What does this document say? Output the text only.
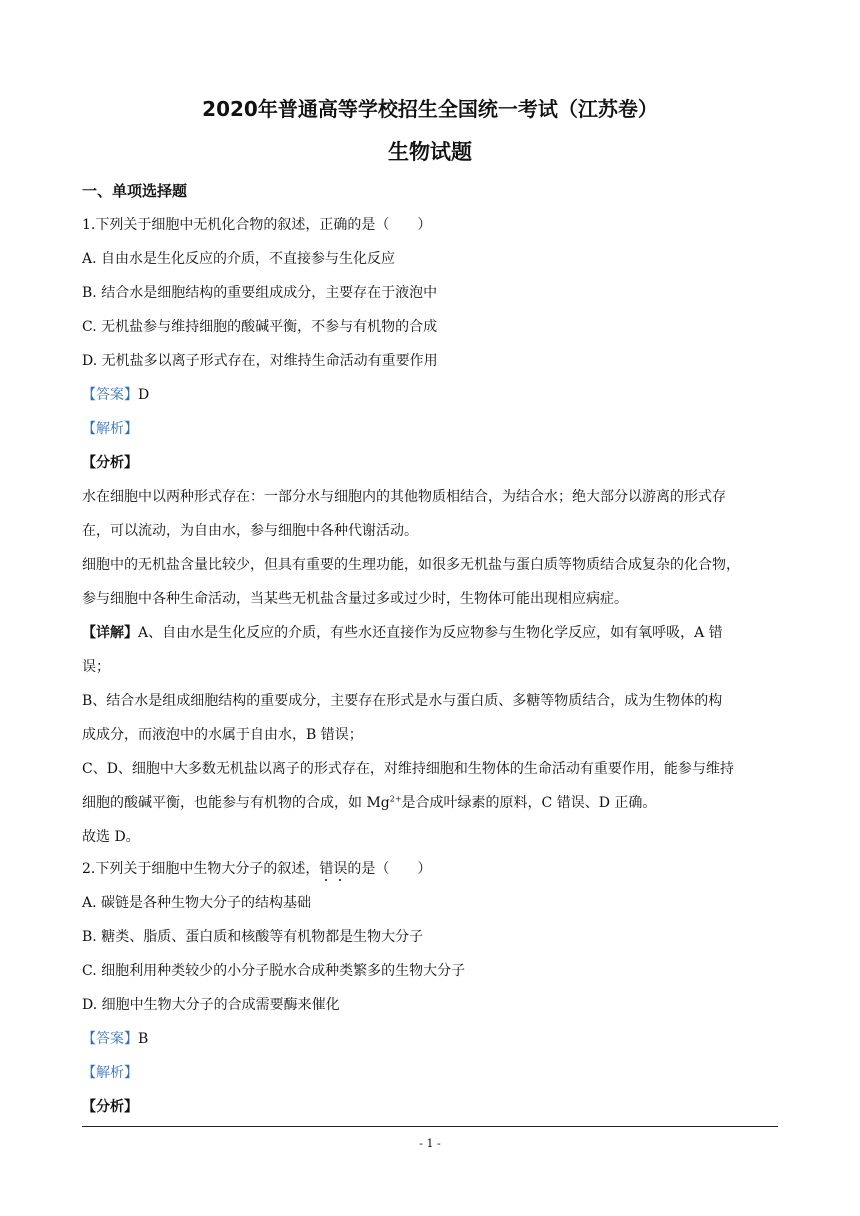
2020年普通高等学校招生全国统一考试（江苏卷）
生物试题
一、单项选择题
1.下列关于细胞中无机化合物的叙述，正确的是（　　）
A. 自由水是生化反应的介质，不直接参与生化反应
B. 结合水是细胞结构的重要组成成分，主要存在于液泡中
C. 无机盐参与维持细胞的酸碱平衡，不参与有机物的合成
D. 无机盐多以离子形式存在，对维持生命活动有重要作用
【答案】D
【解析】
【分析】
水在细胞中以两种形式存在：一部分水与细胞内的其他物质相结合，为结合水；绝大部分以游离的形式存
在，可以流动，为自由水，参与细胞中各种代谢活动。
细胞中的无机盐含量比较少，但具有重要的生理功能，如很多无机盐与蛋白质等物质结合成复杂的化合物，
参与细胞中各种生命活动，当某些无机盐含量过多或过少时，生物体可能出现相应病症。
【详解】A、自由水是生化反应的介质，有些水还直接作为反应物参与生物化学反应，如有氧呼吸，A 错
误；
B、结合水是组成细胞结构的重要成分，主要存在形式是水与蛋白质、多糖等物质结合，成为生物体的构
成成分，而液泡中的水属于自由水，B 错误；
C、D、细胞中大多数无机盐以离子的形式存在，对维持细胞和生物体的生命活动有重要作用，能参与维持
细胞的酸碱平衡，也能参与有机物的合成，如 $Mg^{2+}$是合成叶绿素的原料，C 错误、D 正确。
故选 D。
2.下列关于细胞中生物大分子的叙述，错误的是（　　）
A. 碳链是各种生物大分子的结构基础
B. 糖类、脂质、蛋白质和核酸等有机物都是生物大分子
C. 细胞利用种类较少的小分子脱水合成种类繁多的生物大分子
D. 细胞中生物大分子的合成需要酶来催化
【答案】B
【解析】
【分析】
- 1 -
